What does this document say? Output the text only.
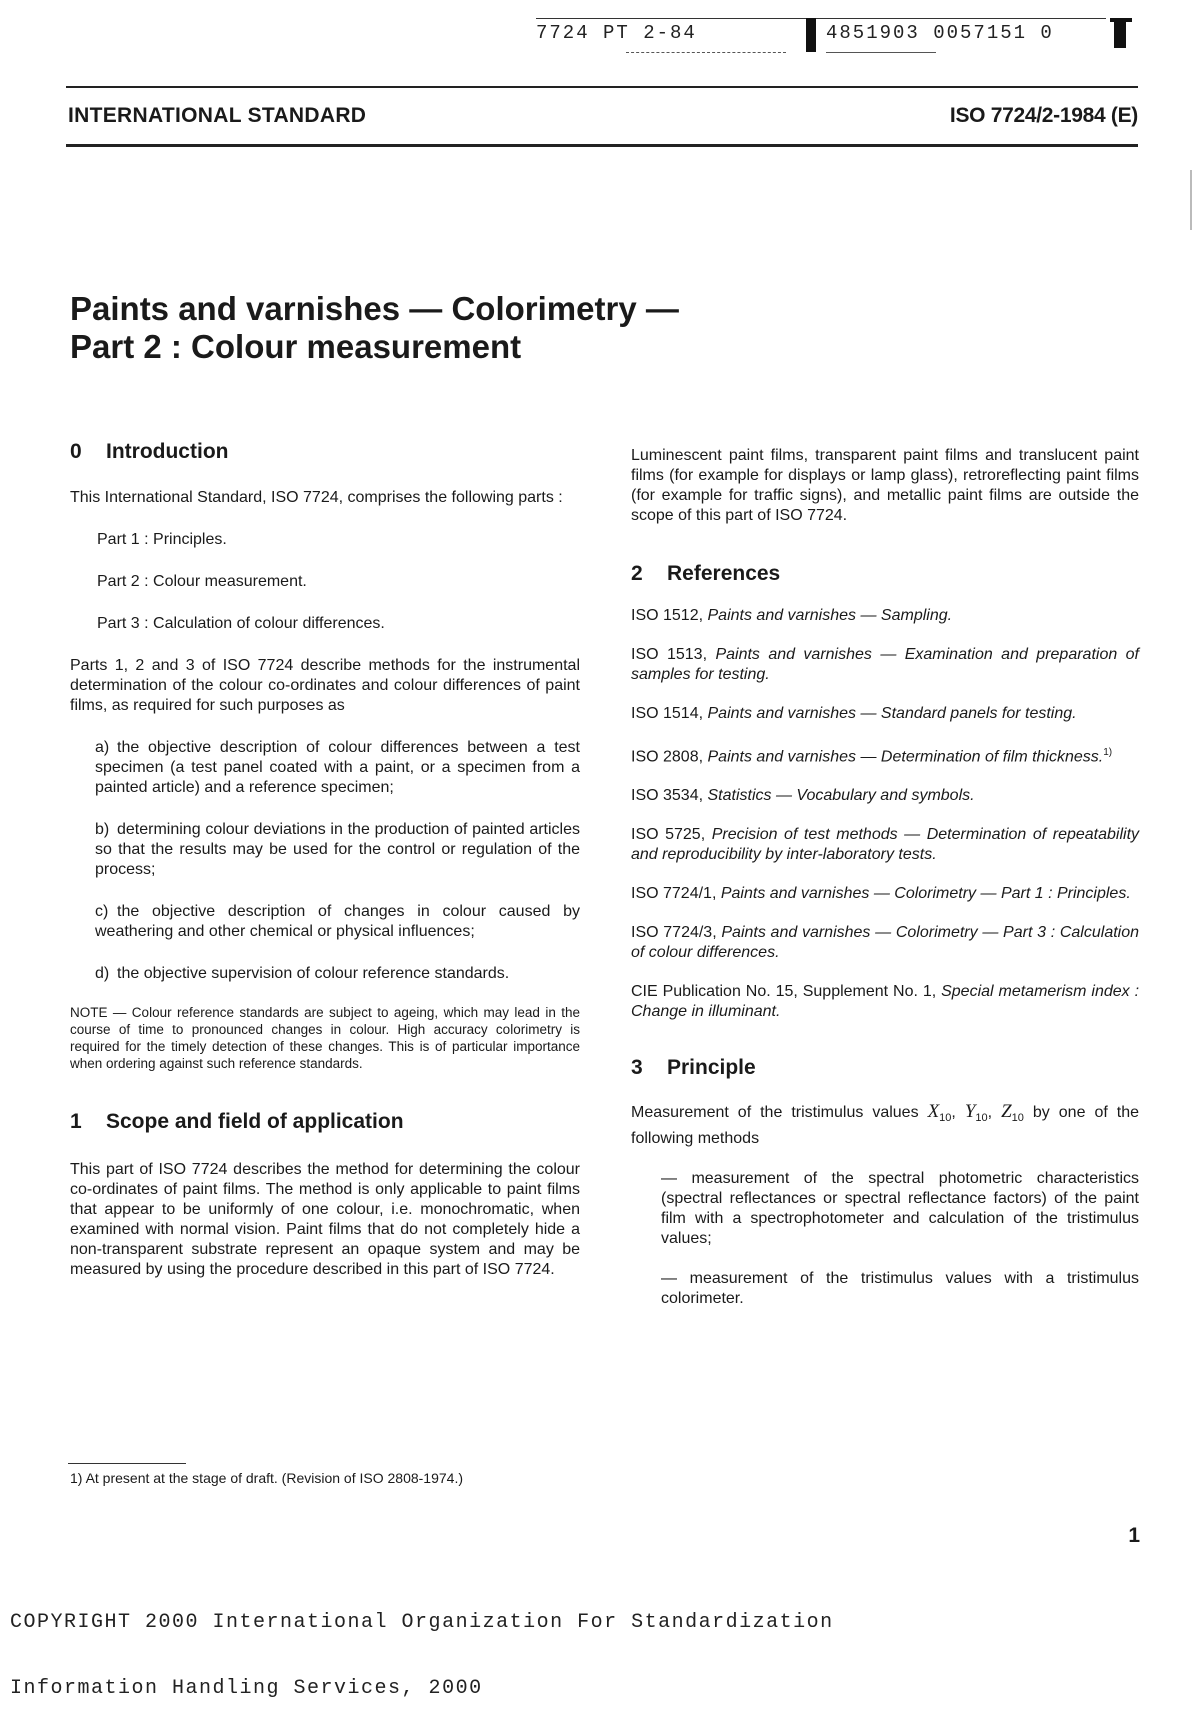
7724 PT 2-84	4851903 0057151 0
INTERNATIONAL STANDARD	ISO 7724/2-1984 (E)
Paints and varnishes — Colorimetry —
Part 2 : Colour measurement
0 Introduction

This International Standard, ISO 7724, comprises the following parts :

Part 1 : Principles.
Part 2 : Colour measurement.
Part 3 : Calculation of colour differences.

Parts 1, 2 and 3 of ISO 7724 describe methods for the instrumental determination of the colour co-ordinates and colour differences of paint films, as required for such purposes as

a) the objective description of colour differences between a test specimen (a test panel coated with a paint, or a specimen from a painted article) and a reference specimen;
b) determining colour deviations in the production of painted articles so that the results may be used for the control or regulation of the process;
c) the objective description of changes in colour caused by weathering and other chemical or physical influences;
d) the objective supervision of colour reference standards.

NOTE — Colour reference standards are subject to ageing, which may lead in the course of time to pronounced changes in colour. High accuracy colorimetry is required for the timely detection of these changes. This is of particular importance when ordering against such reference standards.

1 Scope and field of application

This part of ISO 7724 describes the method for determining the colour co-ordinates of paint films. The method is only applicable to paint films that appear to be uniformly of one colour, i.e. monochromatic, when examined with normal vision. Paint films that do not completely hide a non-transparent substrate represent an opaque system and may be measured by using the procedure described in this part of ISO 7724.

Luminescent paint films, transparent paint films and translucent paint films (for example for displays or lamp glass), retroreflecting paint films (for example for traffic signs), and metallic paint films are outside the scope of this part of ISO 7724.

2 References
ISO 1512, Paints and varnishes — Sampling.
ISO 1513, Paints and varnishes — Examination and preparation of samples for testing.
ISO 1514, Paints and varnishes — Standard panels for testing.
ISO 2808, Paints and varnishes — Determination of film thickness.$^{1)}$
ISO 3534, Statistics — Vocabulary and symbols.
ISO 5725, Precision of test methods — Determination of repeatability and reproducibility by inter-laboratory tests.
ISO 7724/1, Paints and varnishes — Colorimetry — Part 1 : Principles.
ISO 7724/3, Paints and varnishes — Colorimetry — Part 3 : Calculation of colour differences.
CIE Publication No. 15, Supplement No. 1, Special metamerism index : Change in illuminant.
3 Principle

Measurement of the tristimulus values $X_{10}$, $Y_{10}$, $Z_{10}$ by one of the following methods

— measurement of the spectral photometric characteristics (spectral reflectances or spectral reflectance factors) of the paint film with a spectrophotometer and calculation of the tristimulus values;
— measurement of the tristimulus values with a tristimulus colorimeter.
1) At present at the stage of draft. (Revision of ISO 2808-1974.)
1

COPYRIGHT 2000 International Organization For Standardization

Information Handling Services, 2000
